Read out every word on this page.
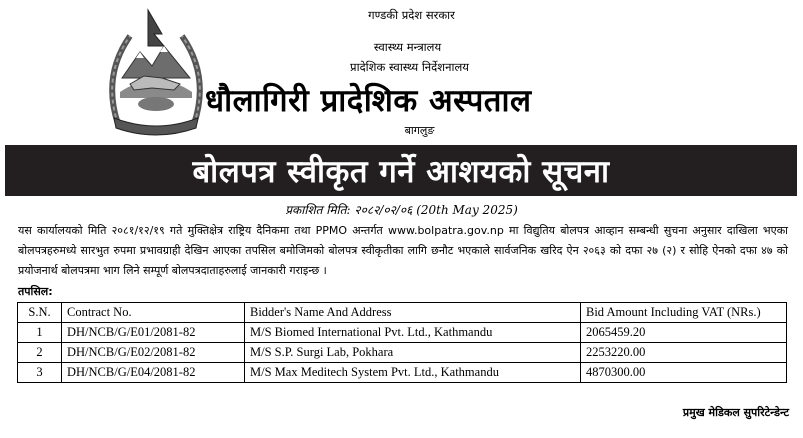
गण्डकी प्रदेश सरकार
स्वास्थ्य मन्त्रालय
प्रादेशिक स्वास्थ्य निर्देशनालय
धौलागिरी प्रादेशिक अस्पताल
बागलुङ
बोलपत्र स्वीकृत गर्ने आशयको सूचना
प्रकाशित मिति: २०८२/०२/०६ (20th May 2025)
यस कार्यालयको मिति २०८१/१२/१९ गते मुक्तिक्षेत्र राष्ट्रिय दैनिकमा तथा PPMO अन्तर्गत www.bolpatra.gov.np मा विद्युतिय बोलपत्र आव्हान सम्बन्धी सुचना अनुसार दाखिला भएका बोलपत्रहरुमध्ये सारभुत रुपमा प्रभावग्राही देखिन आएका तपसिल बमोजिमको बोलपत्र स्वीकृतीका लागि छनौट भएकाले सार्वजनिक खरिद ऐन २०६३ को दफा २७ (२) र सोहि ऐनको दफा ४७ को प्रयोजनार्थ बोलपत्रमा भाग लिने सम्पूर्ण बोलपत्रदाताहरुलाई जानकारी गराइन्छ ।
तपसिल:
S.N.	Contract No.	Bidder's Name And Address	Bid Amount Including VAT (NRs.)
1	DH/NCB/G/E01/2081-82	M/S Biomed International Pvt. Ltd., Kathmandu	2065459.20
2	DH/NCB/G/E02/2081-82	M/S S.P. Surgi Lab, Pokhara	2253220.00
3	DH/NCB/G/E04/2081-82	M/S Max Meditech System Pvt. Ltd., Kathmandu	4870300.00
प्रमुख मेडिकल सुपरिटेन्डेन्ट
